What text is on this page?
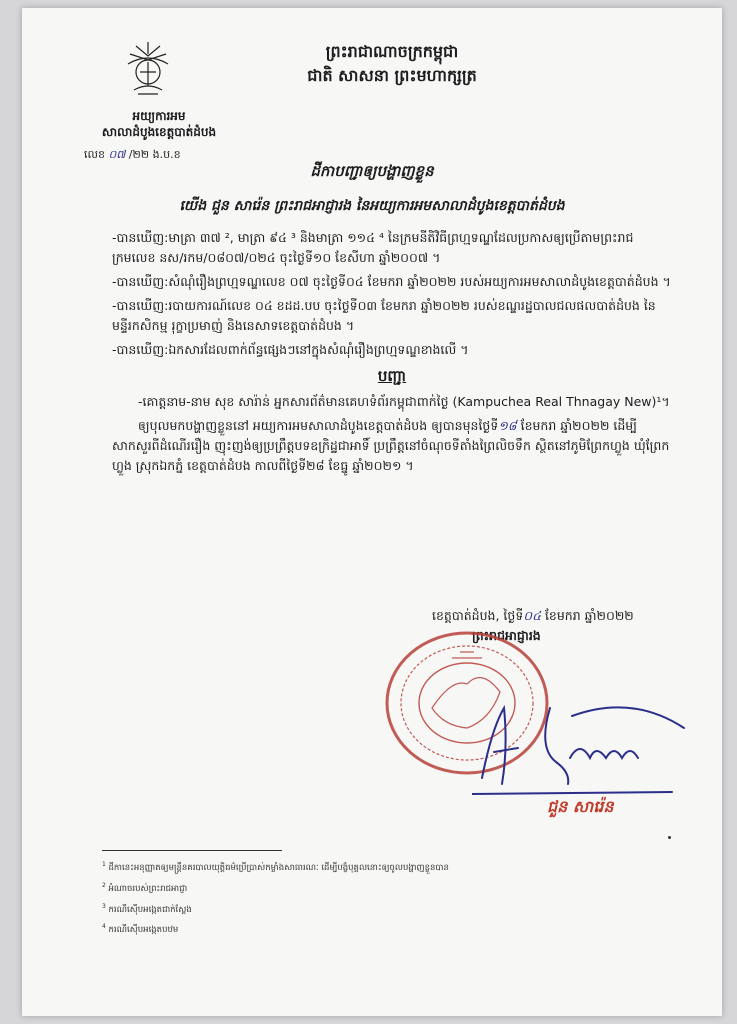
អយ្យការអម
សាលាដំបូងខេត្តបាត់ដំបង
លេខ ០៧ /២២ ង.ប.ខ
ព្រះរាជាណាចក្រកម្ពុជា
ជាតិ សាសនា ព្រះមហាក្សត្រ
ដីកាបញ្ជាឲ្យបង្ហាញខ្លួន
យើង ជួន សារ៉េន ព្រះរាជអាជ្ញារង នៃអយ្យការអមសាលាដំបូងខេត្តបាត់ដំបង

-បានឃើញ:មាត្រា ៣៧ ², មាត្រា ៩៤ ³ និងមាត្រា ១១៤ ⁴ នៃក្រមនីតិវិធីព្រហ្មទណ្ឌដែលប្រកាសឲ្យប្រើតាមព្រះរាជក្រមលេខ នស/រកម/០៨០៧/០២៤ ចុះថ្ងៃទី១០ ខែសីហា ឆ្នាំ២០០៧ ។

-បានឃើញ:សំណុំរឿងព្រហ្មទណ្ឌលេខ ០៧ ចុះថ្ងៃទី០៤ ខែមករា ឆ្នាំ២០២២ របស់អយ្យការអមសាលាដំបូងខេត្តបាត់ដំបង ។

-បានឃើញ:របាយការណ៍លេខ ០៤ ខដដ.បប ចុះថ្ងៃទី០៣ ខែមករា ឆ្នាំ២០២២ របស់ខណ្ឌរដ្ឋបាលជលផលបាត់ដំបង នៃមន្ទីរកសិកម្ម រុក្ខាប្រមាញ់ និងនេសាទខេត្តបាត់ដំបង ។

-បានឃើញ:ឯកសារដែលពាក់ព័ន្ធផ្សេងៗនៅក្នុងសំណុំរឿងព្រហ្មទណ្ឌខាងលើ ។

បញ្ជា

-គោត្តនាម-នាម សុខ សារ៉ាន់ អ្នកសារព័ត៌មានគេហទំព័រកម្ពុជាពាក់ថ្ងៃ (Kampuchea Real Thnagay New)¹។

ឲ្យបុលមកបង្ហាញខ្លួននៅ អយ្យការអមសាលាដំបូងខេត្តបាត់ដំបង ឲ្យបានមុនថ្ងៃទី១៨ ខែមករា ឆ្នាំ២០២២ ដើម្បីសាកសួរពីដំណើររឿង ញុះញង់ឲ្យប្រព្រឹត្តបទឧក្រិដ្ឋជាអាទិ៍ ប្រព្រឹត្តនៅចំណុចទីតាំងព្រៃលិចទឹក ស្ថិតនៅភូមិព្រែកហ្លួង ឃុំព្រែកហ្លួង ស្រុកឯកភ្នំ ខេត្តបាត់ដំបង កាលពីថ្ងៃទី២៨ ខែធ្នូ ឆ្នាំ២០២១ ។

ខេត្តបាត់ដំបង, ថ្ងៃទី០៤ ខែមករា ឆ្នាំ២០២២
ព្រះរាជអាជ្ញារង
ជួន សារ៉េន
$^1$ ដីកានេះអនុញ្ញាតឲ្យមន្ត្រីនគរបាលយុត្តិធម៌ប្រើប្រាស់កម្លាំងសាធារណៈ ដើម្បីបង្ខំបុគ្គលនោះឲ្យចូលបង្ហាញខ្លួនបាន
$^2$ អំណាចរបស់ព្រះរាជអាជ្ញា
$^3$ ករណីស៊ើបអង្កេតជាក់ស្តែង
$^4$ ករណីស៊ើបអង្កេតបឋម
